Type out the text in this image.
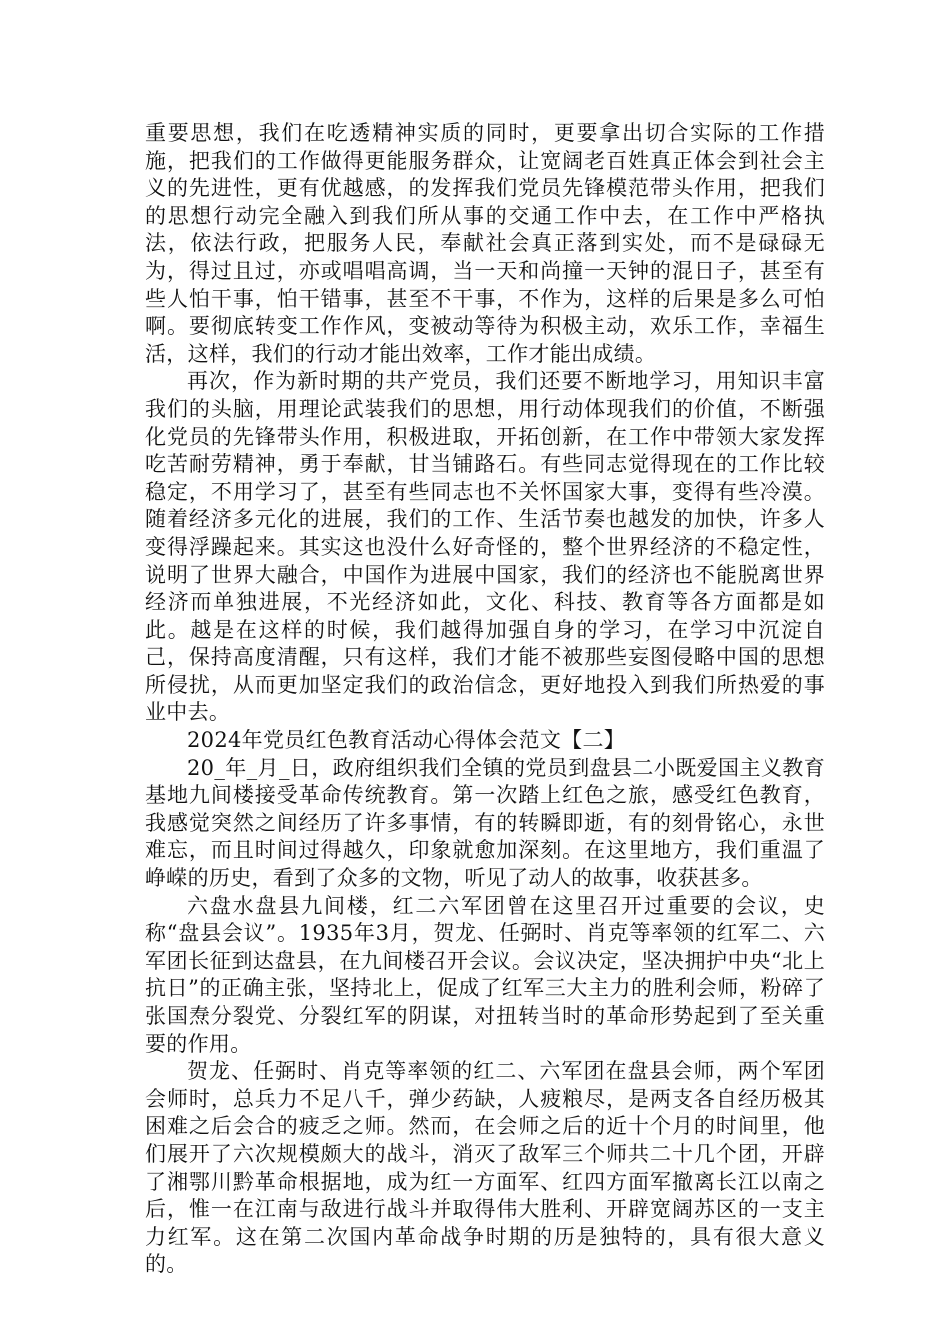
重要思想，我们在吃透精神实质的同时，更要拿出切合实际的工作措施，把我们的工作做得更能服务群众，让宽阔老百姓真正体会到社会主义的先进性，更有优越感，的发挥我们党员先锋模范带头作用，把我们的思想行动完全融入到我们所从事的交通工作中去，在工作中严格执法，依法行政，把服务人民，奉献社会真正落到实处，而不是碌碌无为，得过且过，亦或唱唱高调，当一天和尚撞一天钟的混日子，甚至有些人怕干事，怕干错事，甚至不干事，不作为，这样的后果是多么可怕啊。要彻底转变工作作风，变被动等待为积极主动，欢乐工作，幸福生活，这样，我们的行动才能出效率，工作才能出成绩。

再次，作为新时期的共产党员，我们还要不断地学习，用知识丰富我们的头脑，用理论武装我们的思想，用行动体现我们的价值，不断强化党员的先锋带头作用，积极进取，开拓创新，在工作中带领大家发挥吃苦耐劳精神，勇于奉献，甘当铺路石。有些同志觉得现在的工作比较稳定，不用学习了，甚至有些同志也不关怀国家大事，变得有些冷漠。随着经济多元化的进展，我们的工作、生活节奏也越发的加快，许多人变得浮躁起来。其实这也没什么好奇怪的，整个世界经济的不稳定性，说明了世界大融合，中国作为进展中国家，我们的经济也不能脱离世界经济而单独进展，不光经济如此，文化、科技、教育等各方面都是如此。越是在这样的时候，我们越得加强自身的学习，在学习中沉淀自己，保持高度清醒，只有这样，我们才能不被那些妄图侵略中国的思想所侵扰，从而更加坚定我们的政治信念，更好地投入到我们所热爱的事业中去。

2024年党员红色教育活动心得体会范文【二】

20_年_月_日，政府组织我们全镇的党员到盘县二小既爱国主义教育基地九间楼接受革命传统教育。第一次踏上红色之旅，感受红色教育，我感觉突然之间经历了许多事情，有的转瞬即逝，有的刻骨铭心，永世难忘，而且时间过得越久，印象就愈加深刻。在这里地方，我们重温了峥嵘的历史，看到了众多的文物，听见了动人的故事，收获甚多。

六盘水盘县九间楼，红二六军团曾在这里召开过重要的会议，史称“盘县会议”。1935年3月，贺龙、任弼时、肖克等率领的红军二、六军团长征到达盘县，在九间楼召开会议。会议决定，坚决拥护中央“北上抗日”的正确主张，坚持北上，促成了红军三大主力的胜利会师，粉碎了张国焘分裂党、分裂红军的阴谋，对扭转当时的革命形势起到了至关重要的作用。

贺龙、任弼时、肖克等率领的红二、六军团在盘县会师，两个军团会师时，总兵力不足八千，弹少药缺，人疲粮尽，是两支各自经历极其困难之后会合的疲乏之师。然而，在会师之后的近十个月的时间里，他们展开了六次规模颇大的战斗，消灭了敌军三个师共二十几个团，开辟了湘鄂川黔革命根据地，成为红一方面军、红四方面军撤离长江以南之后，惟一在江南与敌进行战斗并取得伟大胜利、开辟宽阔苏区的一支主力红军。这在第二次国内革命战争时期的历是独特的，具有很大意义的。
